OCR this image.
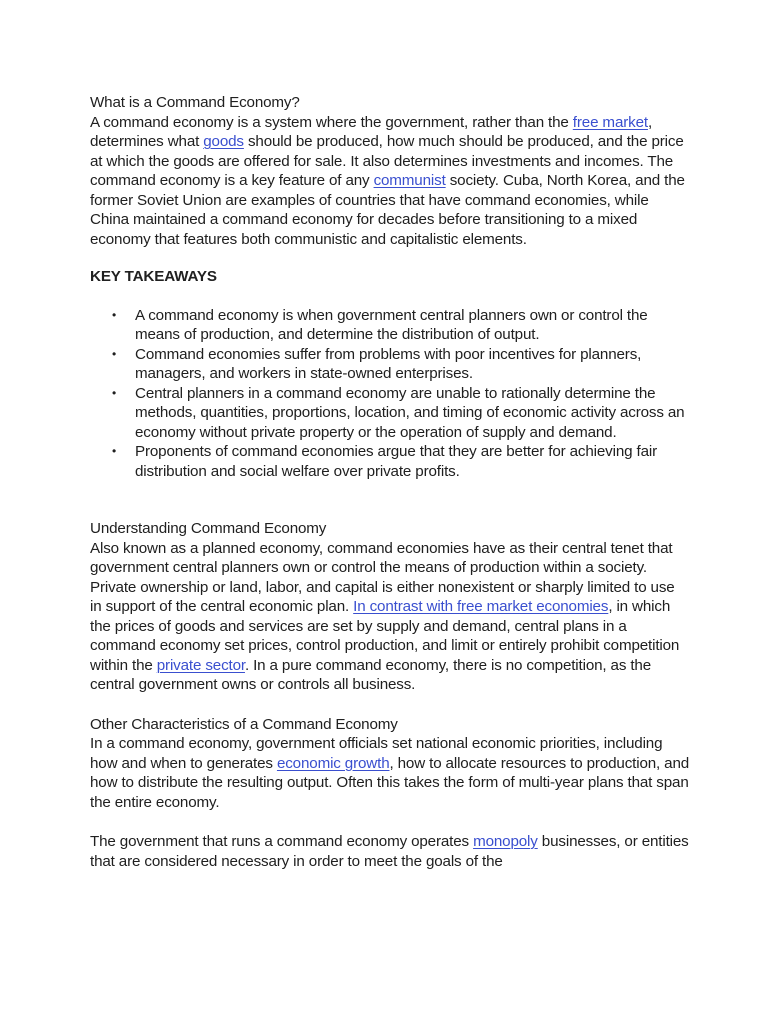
What is a Command Economy?

A command economy is a system where the government, rather than the free market, determines what goods should be produced, how much should be produced, and the price at which the goods are offered for sale. It also determines investments and incomes. The command economy is a key feature of any communist society. Cuba, North Korea, and the former Soviet Union are examples of countries that have command economies, while China maintained a command economy for decades before transitioning to a mixed economy that features both communistic and capitalistic elements.

KEY TAKEAWAYS
• A command economy is when government central planners own or control the means of production, and determine the distribution of output.
• Command economies suffer from problems with poor incentives for planners, managers, and workers in state-owned enterprises.
• Central planners in a command economy are unable to rationally determine the methods, quantities, proportions, location, and timing of economic activity across an economy without private property or the operation of supply and demand.
• Proponents of command economies argue that they are better for achieving fair distribution and social welfare over private profits.
Understanding Command Economy

Also known as a planned economy, command economies have as their central tenet that government central planners own or control the means of production within a society. Private ownership or land, labor, and capital is either nonexistent or sharply limited to use in support of the central economic plan. In contrast with free market economies, in which the prices of goods and services are set by supply and demand, central plans in a command economy set prices, control production, and limit or entirely prohibit competition within the private sector. In a pure command economy, there is no competition, as the central government owns or controls all business.

Other Characteristics of a Command Economy

In a command economy, government officials set national economic priorities, including how and when to generates economic growth, how to allocate resources to production, and how to distribute the resulting output. Often this takes the form of multi-year plans that span the entire economy.

The government that runs a command economy operates monopoly businesses, or entities that are considered necessary in order to meet the goals of the
